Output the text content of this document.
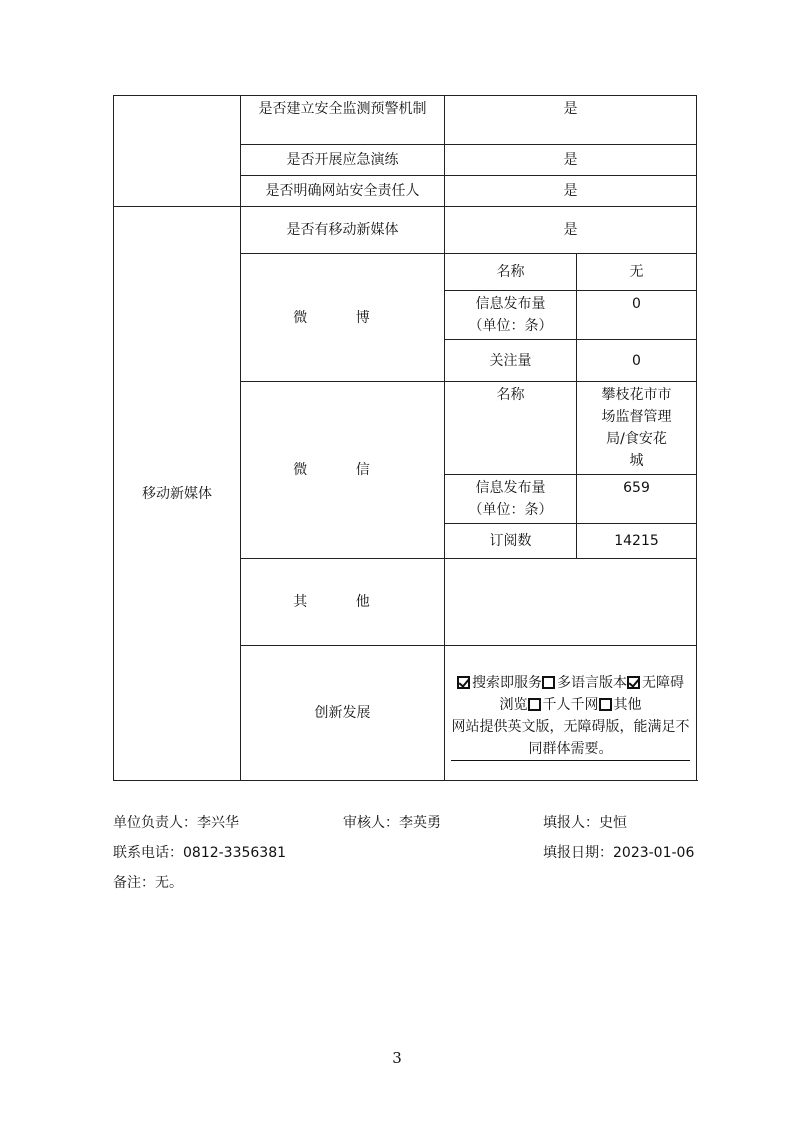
	是否建立安全监测预警机制	是	
	是否开展应急演练	是	
	是否明确网站安全责任人	是	
移动新媒体	是否有移动新媒体	是	
	微 博	名称	无

		信息发布量
（单位：条）	0
		关注量	0
	微 信	名称	攀枝花市市
场监督管理
局/食安花
城

		信息发布量
（单位：条）	659
		订阅数	14215
	其 他		
	创新发展	搜索即服务 多语言版本 无障碍浏览 千人千网 其他
网站提供英文版，无障碍版，能满足不同群体需要。	
单位负责人：李兴华	审核人：李英勇	填报人：史恒
联系电话：0812-3356381	填报日期：2023-01-06
备注：无。
3
